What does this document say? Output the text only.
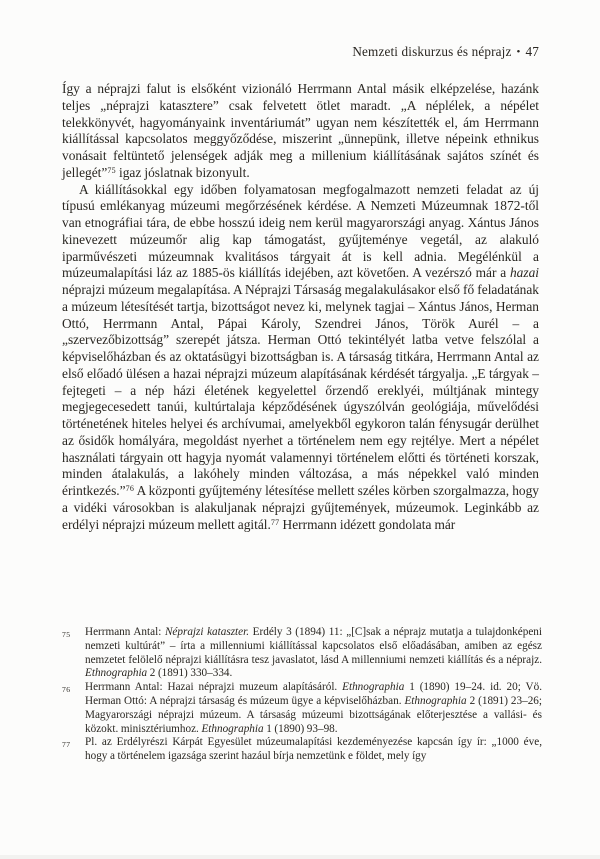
Nemzeti diskurzus és néprajz • 47

Így a néprajzi falut is elsőként vizionáló Herrmann Antal másik elképzelése, hazánk teljes „néprajzi katasztere” csak felvetett ötlet maradt. „A néplélek, a népélet telekkönyvét, hagyományaink inventáriumát” ugyan nem készítették el, ám Herrmann kiállítással kapcsolatos meggyőződése, miszerint „ünnepünk, illetve népeink ethnikus vonásait feltüntető jelenségek adják meg a millenium kiállításának sajátos színét és jellegét”$^{75}$ igaz jóslatnak bizonyult.

A kiállításokkal egy időben folyamatosan megfogalmazott nemzeti feladat az új típusú emlékanyag múzeumi megőrzésének kérdése. A Nemzeti Múzeumnak 1872-től van etnográfiai tára, de ebbe hosszú ideig nem kerül magyarországi anyag. Xántus János kinevezett múzeumőr alig kap támogatást, gyűjteménye vegetál, az alakuló iparművészeti múzeumnak kvalitásos tárgyait át is kell adnia. Megélénkül a múzeumalapítási láz az 1885-ös kiállítás idejében, azt követően. A vezérszó már a hazai néprajzi múzeum megalapítása. A Néprajzi Társaság megalakulásakor első fő feladatának a múzeum létesítését tartja, bizottságot nevez ki, melynek tagjai – Xántus János, Herman Ottó, Herrmann Antal, Pápai Károly, Szendrei János, Török Aurél – a „szervezőbizottság” szerepét játsza. Herman Ottó tekintélyét latba vetve felszólal a képviselőházban és az oktatásügyi bizottságban is. A társaság titkára, Herrmann Antal az első előadó ülésen a hazai néprajzi múzeum alapításának kérdését tárgyalja. „E tárgyak – fejtegeti – a nép házi életének kegyelettel őrzendő ereklyéi, múltjának mintegy megjegecesedett tanúi, kultúrtalaja képződésének úgyszólván geológiája, művelődési történetének hiteles helyei és archívumai, amelyekből egykoron talán fénysugár derülhet az ősidők homályára, megoldást nyerhet a történelem nem egy rejtélye. Mert a népélet használati tárgyain ott hagyja nyomát valamennyi történelem előtti és történeti korszak, minden átalakulás, a lakóhely minden változása, a más népekkel való minden érintkezés.”$^{76}$ A központi gyűjtemény létesítése mellett széles körben szorgalmazza, hogy a vidéki városokban is alakuljanak néprajzi gyűjtemények, múzeumok. Leginkább az erdélyi néprajzi múzeum mellett agitál.$^{77}$ Herrmann idézett gondolata már

75	Herrmann Antal: Néprajzi kataszter. Erdély 3 (1894) 11: „[C]sak a néprajz mutatja a tulajdonképeni nemzeti kultúrát” – írta a millenniumi kiállítással kapcsolatos első előadásában, amiben az egész nemzetet felölelő néprajzi kiállításra tesz javaslatot, lásd A millenniumi nemzeti kiállítás és a néprajz. Ethnographia 2 (1891) 330–334.
76	Herrmann Antal: Hazai néprajzi muzeum alapításáról. Ethnographia 1 (1890) 19–24. id. 20; Vö. Herman Ottó: A néprajzi társaság és múzeum ügye a képviselőházban. Ethnographia 2 (1891) 23–26; Magyarországi néprajzi múzeum. A társaság múzeumi bizottságának előterjesztése a vallási- és közokt. minisztériumhoz. Ethnographia 1 (1890) 93–98.
77	Pl. az Erdélyrészi Kárpát Egyesület múzeumalapítási kezdeményezése kapcsán így ír: „1000 éve, hogy a történelem igazsága szerint hazául bírja nemzetünk e földet, mely így
